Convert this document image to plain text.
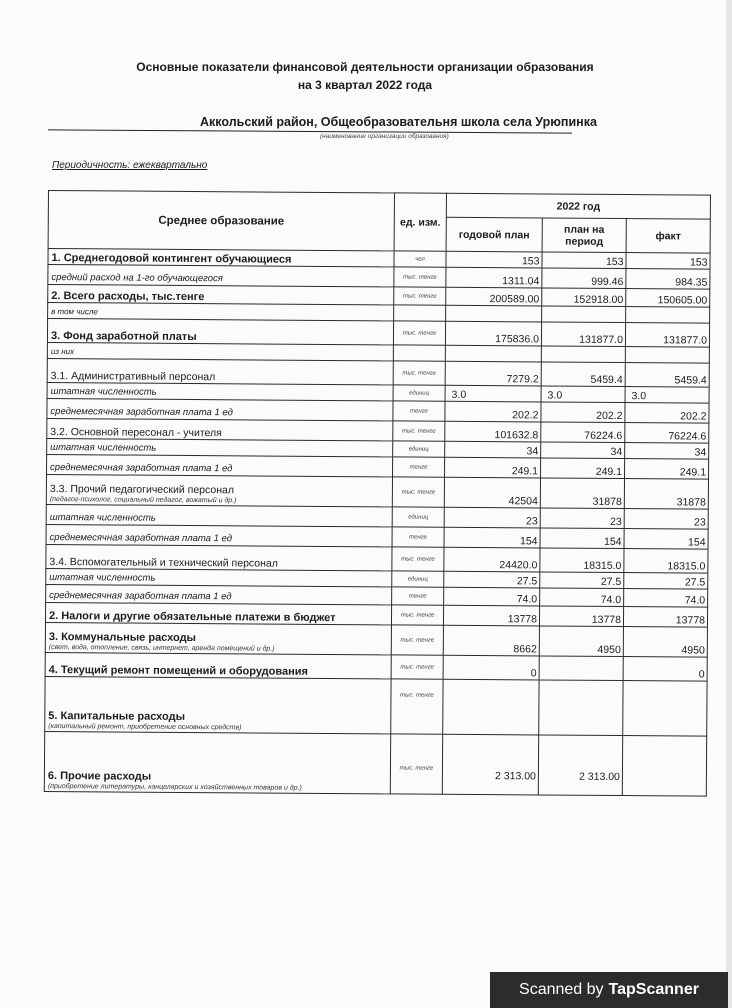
Основные показатели финансовой деятельности организации образования
на 3 квартал 2022 года
Аккольский район, Общеобразовательня школа села Урюпинка
(наименование организации образования)
Периодичность: ежеквартально
Среднее образование	ед. изм.	2022 год		
		годовой план	план на период	факт
1. Среднегодовой контингент обучающиеся	чел	153	153	153
средний расход на 1-го обучающегося	тыс. тенге	1311.04	999.46	984.35
2. Всего расходы, тыс.тенге	тыс. тенге	200589.00	152918.00	150605.00
в том числе				
3. Фонд заработной платы	тыс. тенге	175836.0	131877.0	131877.0
из них				
3.1. Административный персонал	тыс. тенге	7279.2	5459.4	5459.4
штатная численность	единиц	3.0	3.0	3.0
среднемесячная заработная плата 1 ед	тенге	202.2	202.2	202.2
3.2. Основной пересонал - учителя	тыс. тенге	101632.8	76224.6	76224.6
штатная численность	единиц	34	34	34
среднемесячная заработная плата 1 ед	тенге	249.1	249.1	249.1
3.3. Прочий педагогический персонал
(педагог-психолог, социальный педагог, вожатый и др.)	тыс. тенге	42504	31878	31878
штатная численность	единиц	23	23	23
среднемесячная заработная плата 1 ед	тенге	154	154	154
3.4. Вспомогательный и технический персонал	тыс. тенге	24420.0	18315.0	18315.0
штатная численность	единиц	27.5	27.5	27.5
среднемесячная заработная плата 1 ед	тенге	74.0	74.0	74.0
2. Налоги и другие обязательные платежи в бюджет	тыс. тенге	13778	13778	13778
3. Коммунальные расходы
(свет, вода, отопление, связь, интернет, аренда помещений и др.)	тыс. тенге	8662	4950	4950
4. Текущий ремонт помещений и оборудования	тыс. тенге	0		0
5. Капитальные расходы
(капитальный ремонт, приобретение основных средств)	тыс. тенге			
6. Прочие расходы
(приобретение литературы, канцелярских и хозяйственных товаров и др.)	тыс. тенге	2 313.00	2 313.00	
Scanned by TapScanner
